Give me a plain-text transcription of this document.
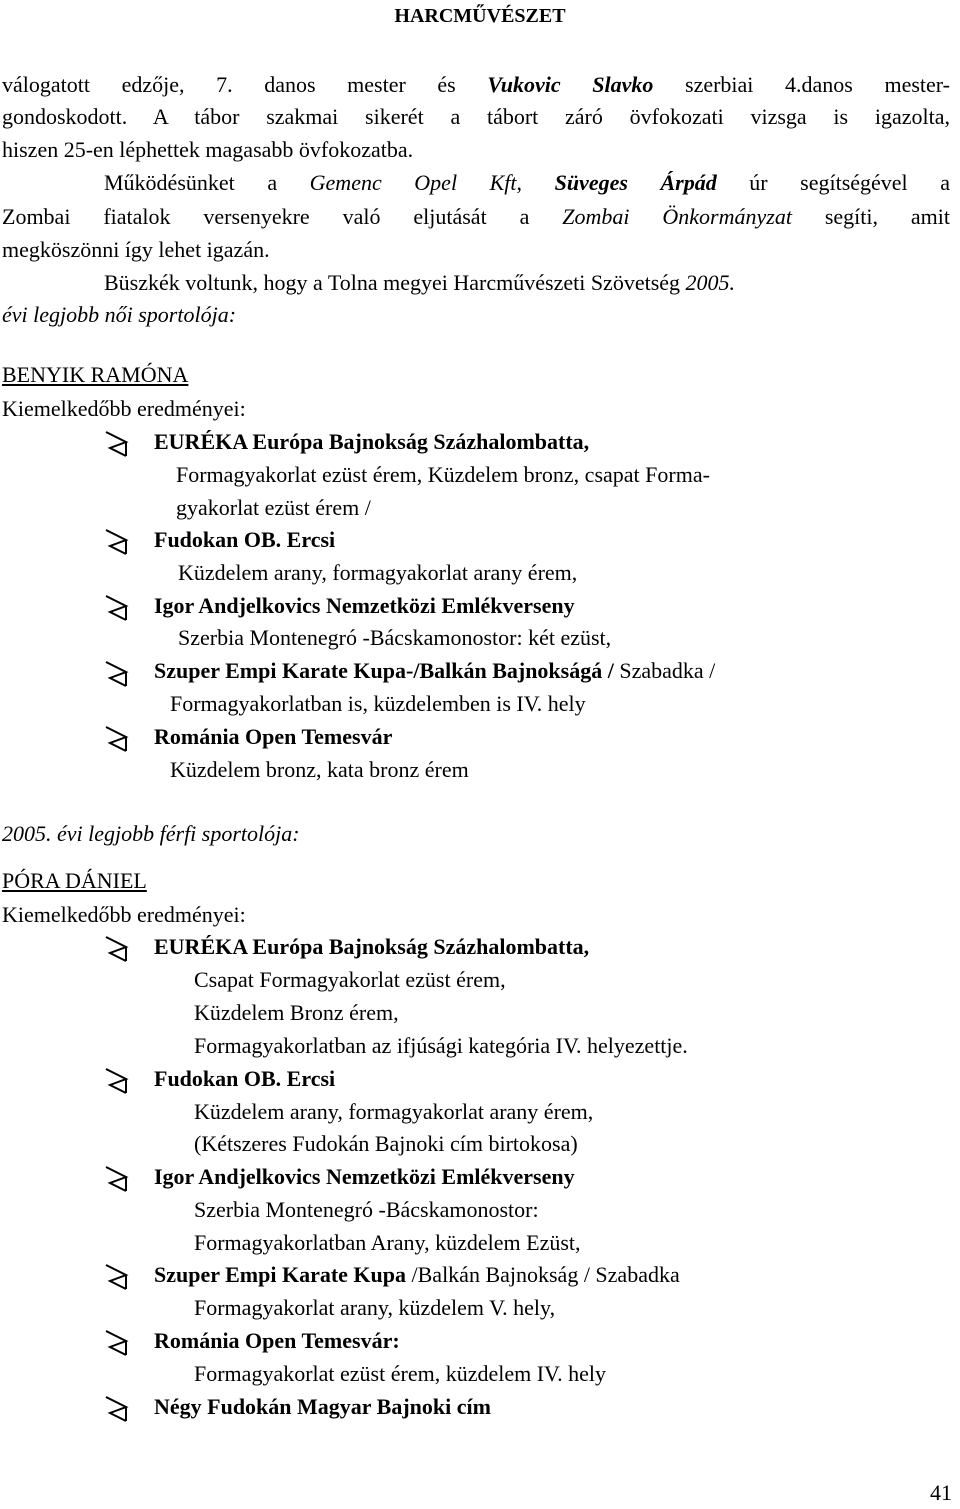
HARCMŰVÉSZET
válogatott edzője, 7. danos mester és Vukovic Slavko szerbiai 4.danos mester-
gondoskodott. A tábor szakmai sikerét a tábort záró övfokozati vizsga is igazolta,
hiszen 25-en léphettek magasabb övfokozatba.
Működésünket a Gemenc Opel Kft, Süveges Árpád úr segítségével a
Zombai fiatalok versenyekre való eljutását a Zombai Önkormányzat segíti, amit
megköszönni így lehet igazán.
Büszkék voltunk, hogy a Tolna megyei Harcművészeti Szövetség 2005.
évi legjobb női sportolója:
BENYIK RAMÓNA
Kiemelkedőbb eredményei:
EURÉKA Európa Bajnokság Százhalombatta,
Formagyakorlat ezüst érem, Küzdelem bronz, csapat Forma-
gyakorlat ezüst érem /
Fudokan OB. Ercsi
Küzdelem arany, formagyakorlat arany érem,
Igor Andjelkovics Nemzetközi Emlékverseny
Szerbia Montenegró -Bácskamonostor: két ezüst,
Szuper Empi Karate Kupa-/Balkán Bajnokságá / Szabadka /
Formagyakorlatban is, küzdelemben is IV. hely
Románia Open Temesvár
Küzdelem bronz, kata bronz érem
2005. évi legjobb férfi sportolója:
PÓRA DÁNIEL
Kiemelkedőbb eredményei:
EURÉKA Európa Bajnokság Százhalombatta,
Csapat Formagyakorlat ezüst érem,
Küzdelem Bronz érem,
Formagyakorlatban az ifjúsági kategória IV. helyezettje.
Fudokan OB. Ercsi
Küzdelem arany, formagyakorlat arany érem,
(Kétszeres Fudokán Bajnoki cím birtokosa)
Igor Andjelkovics Nemzetközi Emlékverseny
Szerbia Montenegró -Bácskamonostor:
Formagyakorlatban Arany, küzdelem Ezüst,
Szuper Empi Karate Kupa /Balkán Bajnokság / Szabadka
Formagyakorlat arany, küzdelem V. hely,
Románia Open Temesvár:
Formagyakorlat ezüst érem, küzdelem IV. hely
Négy Fudokán Magyar Bajnoki cím
41
